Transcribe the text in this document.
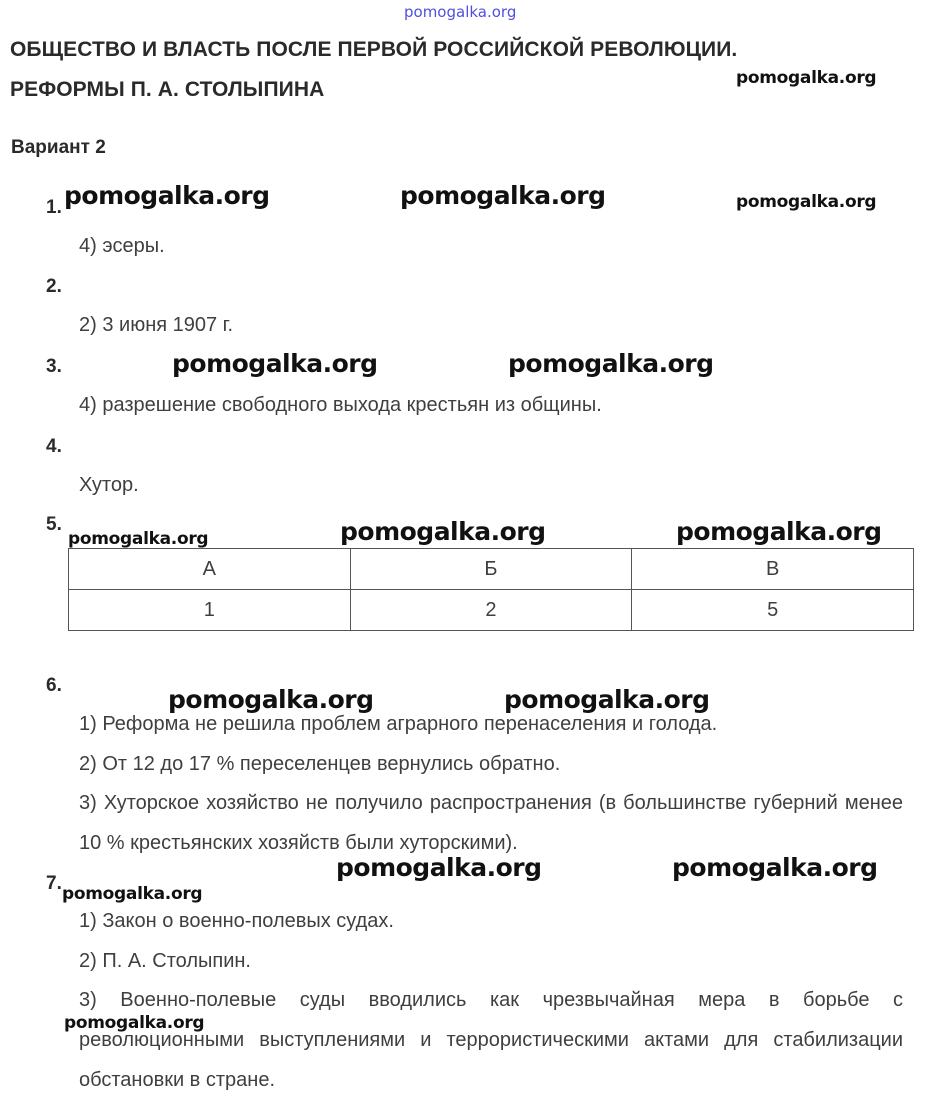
pomogalka.org
ОБЩЕСТВО И ВЛАСТЬ ПОСЛЕ ПЕРВОЙ РОССИЙСКОЙ РЕВОЛЮЦИИ.
РЕФОРМЫ П. А. СТОЛЫПИНА	pomogalka.org
Вариант 2
1. pomogalka.org	pomogalka.org	pomogalka.org
4) эсеры.
2.
2) 3 июня 1907 г.
3.	pomogalka.org	pomogalka.org
4) разрешение свободного выхода крестьян из общины.
4.
Хутор.
5.
pomogalka.org	pomogalka.org	pomogalka.org
А	Б	В
1	2	5
6.	pomogalka.org	pomogalka.org
1) Реформа не решила проблем аграрного перенаселения и голода.
2) От 12 до 17 % переселенцев вернулись обратно.
3) Хуторское хозяйство не получило распространения (в большинстве губерний менее 10 % крестьянских хозяйств были хуторскими).
7. pomogalka.org
pomogalka.org	pomogalka.org
1) Закон о военно-полевых судах.
2) П. А. Столыпин.
3) Военно-полевые суды вводились как чрезвычайная мера в борьбе с революционными выступлениями и террористическими актами для стабилизации обстановки в стране.
pomogalka.org
